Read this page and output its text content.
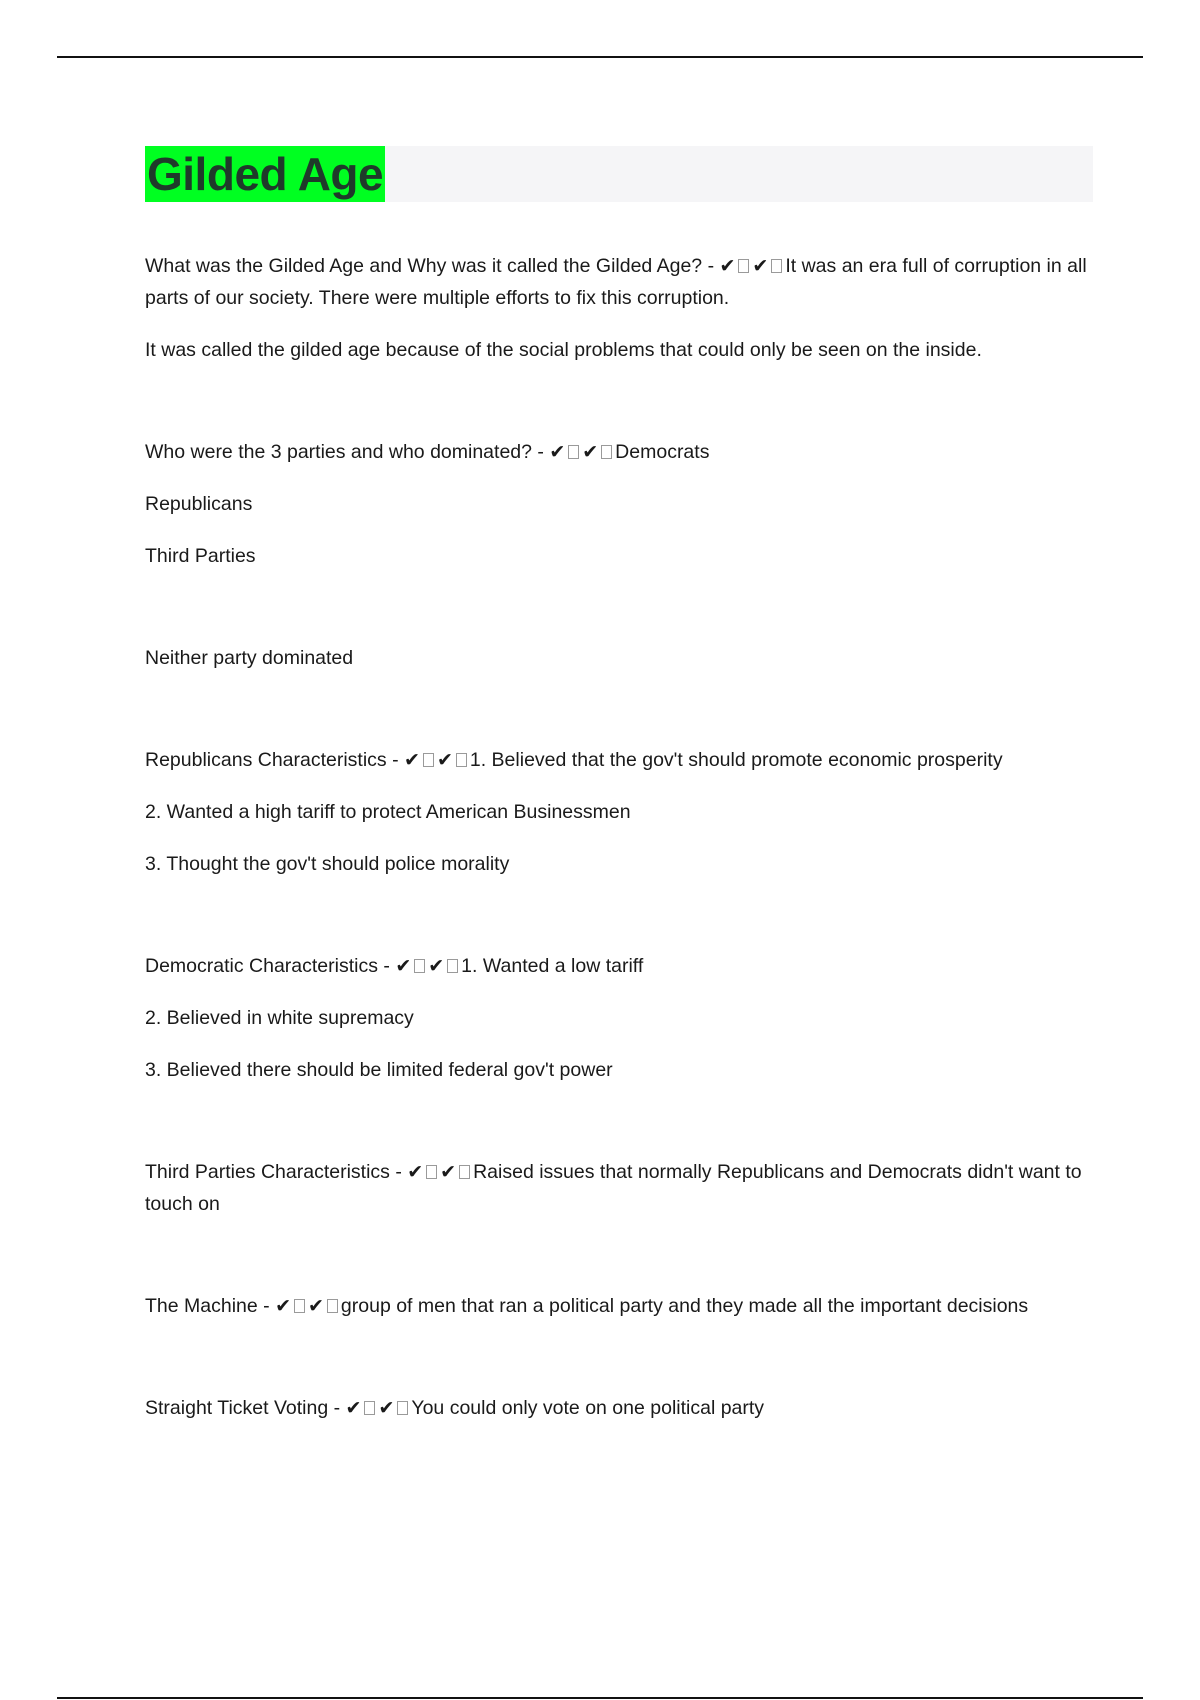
Gilded Age

What was the Gilded Age and Why was it called the Gilded Age? - ✔ ✔ It was an era full of corruption in all parts of our society. There were multiple efforts to fix this corruption.

It was called the gilded age because of the social problems that could only be seen on the inside.

Who were the 3 parties and who dominated? - ✔ ✔ Democrats

Republicans

Third Parties

Neither party dominated

Republicans Characteristics - ✔ ✔ 1. Believed that the gov't should promote economic prosperity

2. Wanted a high tariff to protect American Businessmen

3. Thought the gov't should police morality

Democratic Characteristics - ✔ ✔ 1. Wanted a low tariff

2. Believed in white supremacy

3. Believed there should be limited federal gov't power

Third Parties Characteristics - ✔ ✔ Raised issues that normally Republicans and Democrats didn't want to touch on

The Machine - ✔ ✔ group of men that ran a political party and they made all the important decisions

Straight Ticket Voting - ✔ ✔ You could only vote on one political party
